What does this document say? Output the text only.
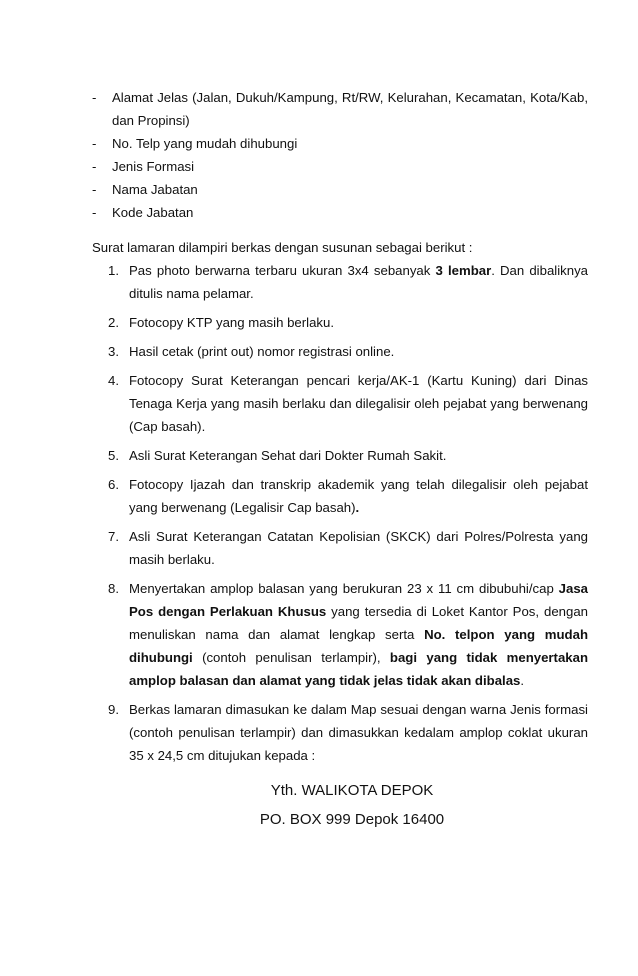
- Alamat Jelas (Jalan, Dukuh/Kampung, Rt/RW, Kelurahan, Kecamatan, Kota/Kab, dan Propinsi)
- No. Telp yang mudah dihubungi
- Jenis Formasi
- Nama Jabatan
- Kode Jabatan

Surat lamaran dilampiri berkas dengan susunan sebagai berikut :

1. Pas photo berwarna terbaru ukuran 3x4 sebanyak 3 lembar. Dan dibaliknya ditulis nama pelamar.
2. Fotocopy KTP yang masih berlaku.
3. Hasil cetak (print out) nomor registrasi online.
4. Fotocopy Surat Keterangan pencari kerja/AK-1 (Kartu Kuning) dari Dinas Tenaga Kerja yang masih berlaku dan dilegalisir oleh pejabat yang berwenang (Cap basah).
5. Asli Surat Keterangan Sehat dari Dokter Rumah Sakit.
6. Fotocopy Ijazah dan transkrip akademik yang telah dilegalisir oleh pejabat yang berwenang (Legalisir Cap basah).
7. Asli Surat Keterangan Catatan Kepolisian (SKCK) dari Polres/Polresta yang masih berlaku.
8. Menyertakan amplop balasan yang berukuran 23 x 11 cm dibubuhi/cap Jasa Pos dengan Perlakuan Khusus yang tersedia di Loket Kantor Pos, dengan menuliskan nama dan alamat lengkap serta No. telpon yang mudah dihubungi (contoh penulisan terlampir), bagi yang tidak menyertakan amplop balasan dan alamat yang tidak jelas tidak akan dibalas.
9. Berkas lamaran dimasukan ke dalam Map sesuai dengan warna Jenis formasi (contoh penulisan terlampir) dan dimasukkan kedalam amplop coklat ukuran 35 x 24,5 cm ditujukan kepada :
Yth. WALIKOTA DEPOK
PO. BOX 999 Depok 16400
